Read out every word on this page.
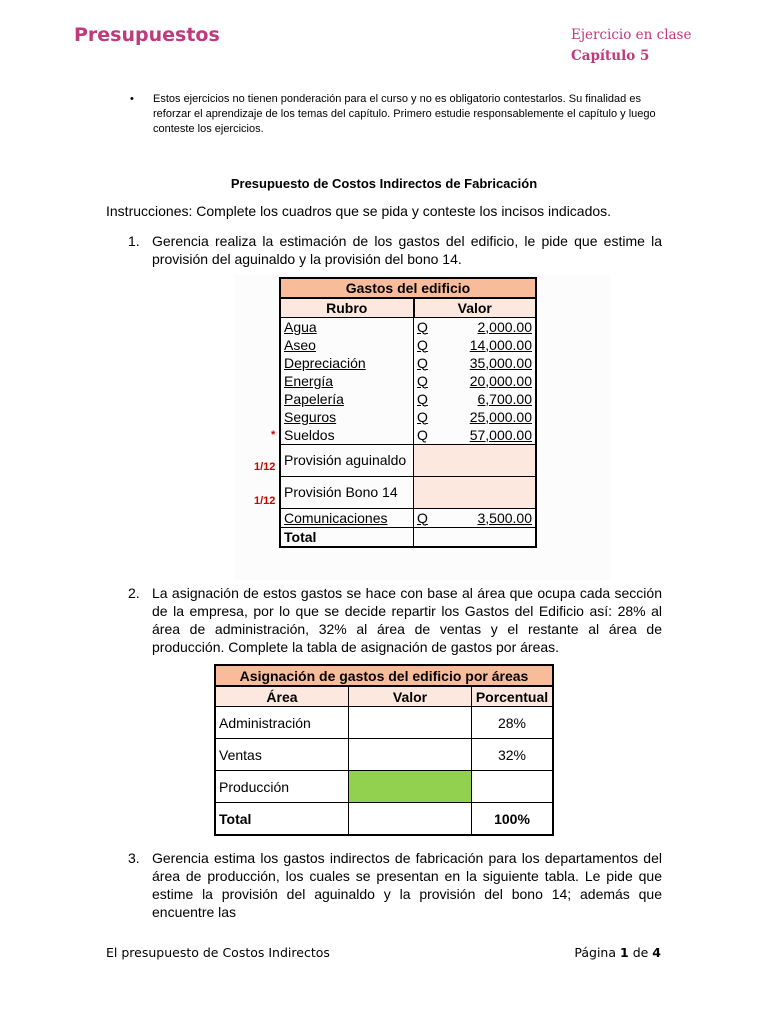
Presupuestos	Ejercicio en clase
Capítulo 5
• Estos ejercicios no tienen ponderación para el curso y no es obligatorio contestarlos. Su finalidad es reforzar el aprendizaje de los temas del capítulo. Primero estudie responsablemente el capítulo y luego conteste los ejercicios.
Presupuesto de Costos Indirectos de Fabricación
Instrucciones: Complete los cuadros que se pida y conteste los incisos indicados.
1. Gerencia realiza la estimación de los gastos del edificio, le pide que estime la provisión del aguinaldo y la provisión del bono 14.
*
1/12
1/12
Gastos del edificio		
Rubro	Valor	
Agua	Q	2,000.00
Aseo	Q	14,000.00
Depreciación	Q	35,000.00
Energía	Q	20,000.00
Papelería	Q	6,700.00
Seguros	Q	25,000.00
Sueldos	Q	57,000.00
Provisión aguinaldo		
Provisión Bono 14		
Comunicaciones	Q	3,500.00
Total		
2. La asignación de estos gastos se hace con base al área que ocupa cada sección de la empresa, por lo que se decide repartir los Gastos del Edificio así: 28% al área de administración, 32% al área de ventas y el restante al área de producción. Complete la tabla de asignación de gastos por áreas.
Asignación de gastos del edificio por áreas		
Área	Valor	Porcentual
Administración		28%
Ventas		32%
Producción		
Total		100%
3. Gerencia estima los gastos indirectos de fabricación para los departamentos del área de producción, los cuales se presentan en la siguiente tabla. Le pide que estime la provisión del aguinaldo y la provisión del bono 14; además que encuentre las
El presupuesto de Costos Indirectos	Página 1 de 4
